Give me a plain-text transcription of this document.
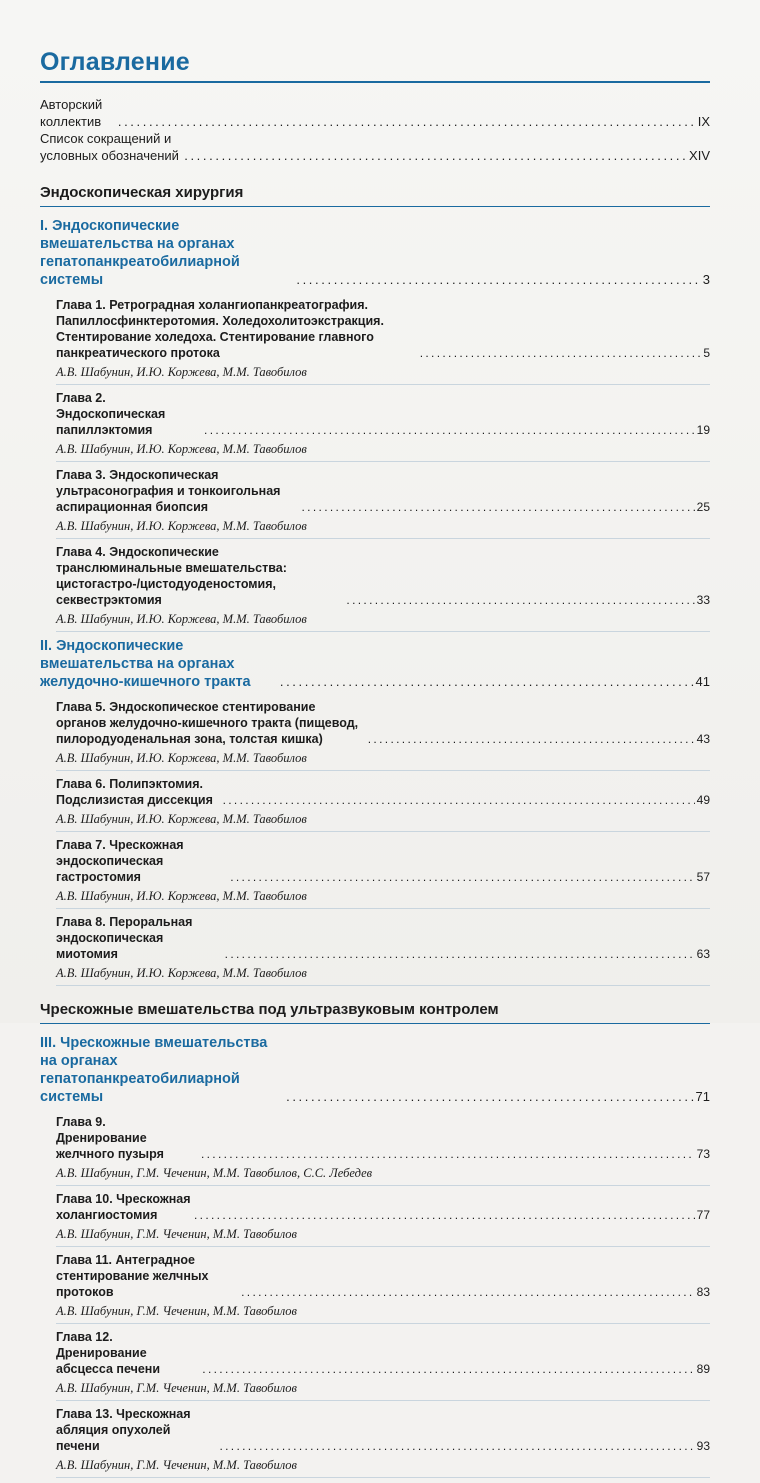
Оглавление
Авторский коллектив . . .	IX
Список сокращений и условных обозначений . . .	XIV
Эндоскопическая хирургия
I. Эндоскопические вмешательства на органах гепатопанкреатобилиарной системы . . .	3
Глава 1. Ретроградная холангиопанкреатография. Папиллосфинктеротомия. Холедохолитоэкстракция. Стентирование холедоха. Стентирование главного панкреатического протока . . .	5
А.В. Шабунин, И.Ю. Коржева, М.М. Тавобилов
Глава 2. Эндоскопическая папиллэктомия . . .	19
А.В. Шабунин, И.Ю. Коржева, М.М. Тавобилов
Глава 3. Эндоскопическая ультрасонография и тонкоигольная аспирационная биопсия . . .	25
А.В. Шабунин, И.Ю. Коржева, М.М. Тавобилов
Глава 4. Эндоскопические транслюминальные вмешательства: цистогастро-/цистодуоденостомия, секвестрэктомия . . .	33
А.В. Шабунин, И.Ю. Коржева, М.М. Тавобилов
II. Эндоскопические вмешательства на органах желудочно-кишечного тракта . . .	41
Глава 5. Эндоскопическое стентирование органов желудочно-кишечного тракта (пищевод, пилородуоденальная зона, толстая кишка) . . .	43
А.В. Шабунин, И.Ю. Коржева, М.М. Тавобилов
Глава 6. Полипэктомия. Подслизистая диссекция . . .	49
А.В. Шабунин, И.Ю. Коржева, М.М. Тавобилов
Глава 7. Чрескожная эндоскопическая гастростомия . . .	57
А.В. Шабунин, И.Ю. Коржева, М.М. Тавобилов
Глава 8. Пероральная эндоскопическая миотомия . . .	63
А.В. Шабунин, И.Ю. Коржева, М.М. Тавобилов
Чрескожные вмешательства под ультразвуковым контролем
III. Чрескожные вмешательства на органах гепатопанкреатобилиарной системы . . .	71
Глава 9. Дренирование желчного пузыря . . .	73
А.В. Шабунин, Г.М. Чеченин, М.М. Тавобилов, С.С. Лебедев
Глава 10. Чрескожная холангиостомия . . .	77
А.В. Шабунин, Г.М. Чеченин, М.М. Тавобилов
Глава 11. Антеградное стентирование желчных протоков . . .	83
А.В. Шабунин, Г.М. Чеченин, М.М. Тавобилов
Глава 12. Дренирование абсцесса печени . . .	89
А.В. Шабунин, Г.М. Чеченин, М.М. Тавобилов
Глава 13. Чрескожная абляция опухолей печени . . .	93
А.В. Шабунин, Г.М. Чеченин, М.М. Тавобилов
